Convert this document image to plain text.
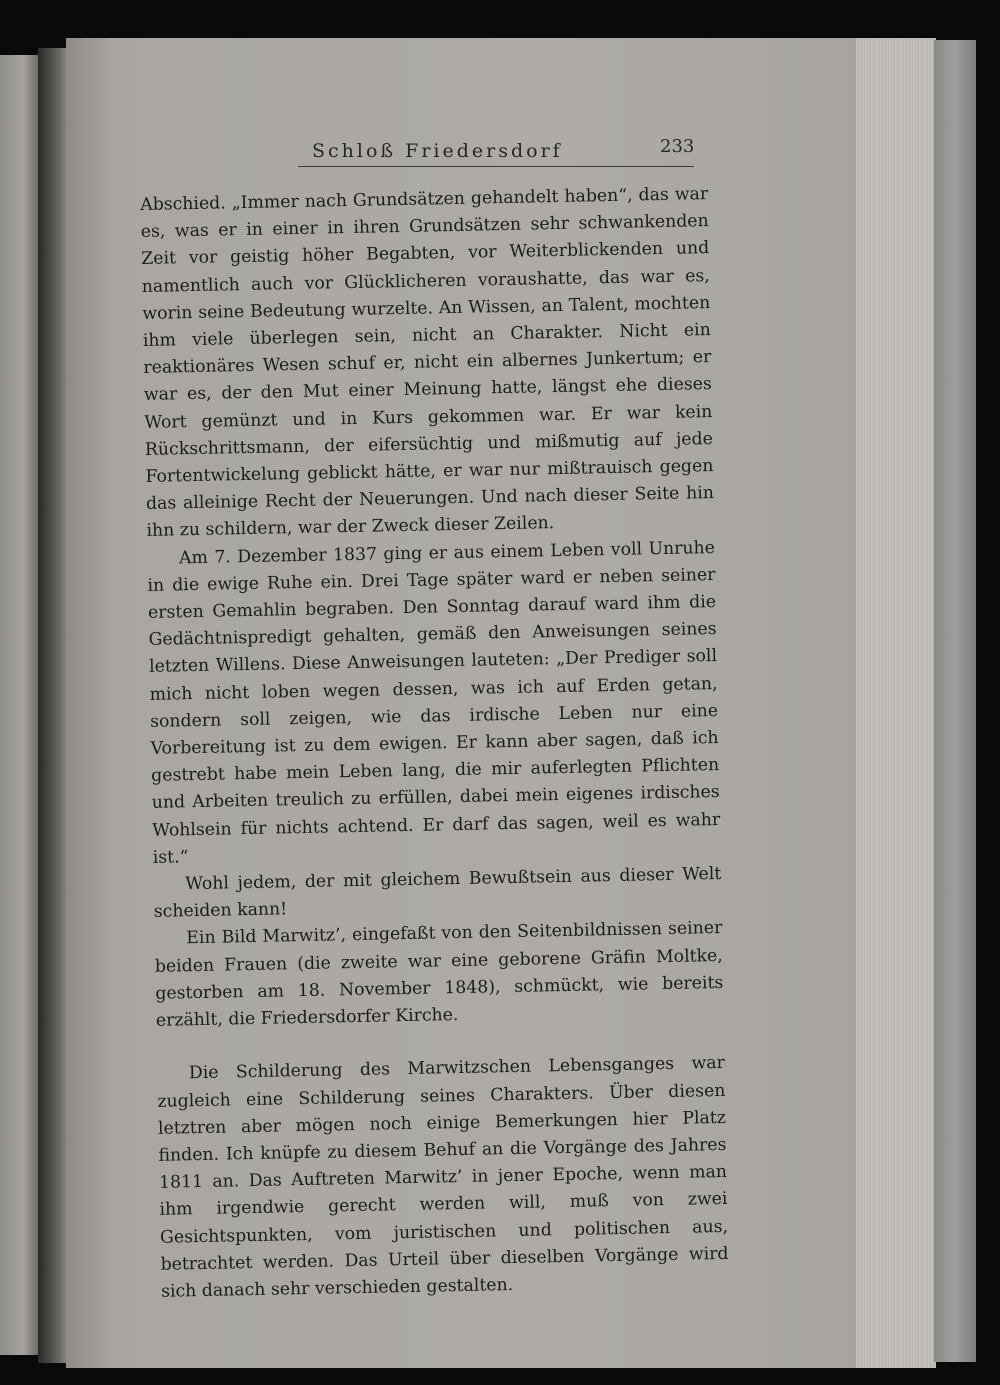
Schloß Friedersdorf	233

Abschied. „Immer nach Grundsätzen gehandelt haben“, das war es, was er in einer in ihren Grundsätzen sehr schwankenden Zeit vor geistig höher Begabten, vor Weiterblickenden und namentlich auch vor Glücklicheren voraushatte, das war es, worin seine Bedeutung wurzelte. An Wissen, an Talent, mochten ihm viele überlegen sein, nicht an Charakter. Nicht ein reaktionäres Wesen schuf er, nicht ein albernes Junkertum; er war es, der den Mut einer Meinung hatte, längst ehe dieses Wort gemünzt und in Kurs gekommen war. Er war kein Rückschrittsmann, der eifersüchtig und mißmutig auf jede Fortentwickelung geblickt hätte, er war nur mißtrauisch gegen das alleinige Recht der Neuerungen. Und nach dieser Seite hin ihn zu schildern, war der Zweck dieser Zeilen.

Am 7. Dezember 1837 ging er aus einem Leben voll Unruhe in die ewige Ruhe ein. Drei Tage später ward er neben seiner ersten Gemahlin begraben. Den Sonntag darauf ward ihm die Gedächtnispredigt gehalten, gemäß den Anweisungen seines letzten Willens. Diese Anweisungen lauteten: „Der Prediger soll mich nicht loben wegen dessen, was ich auf Erden getan, sondern soll zeigen, wie das irdische Leben nur eine Vorbereitung ist zu dem ewigen. Er kann aber sagen, daß ich gestrebt habe mein Leben lang, die mir auferlegten Pflichten und Arbeiten treulich zu erfüllen, dabei mein eigenes irdisches Wohlsein für nichts achtend. Er darf das sagen, weil es wahr ist.“

Wohl jedem, der mit gleichem Bewußtsein aus dieser Welt scheiden kann!

Ein Bild Marwitz’, eingefaßt von den Seitenbildnissen seiner beiden Frauen (die zweite war eine geborene Gräfin Moltke, gestorben am 18. November 1848), schmückt, wie bereits erzählt, die Friedersdorfer Kirche.

Die Schilderung des Marwitzschen Lebensganges war zugleich eine Schilderung seines Charakters. Über diesen letztren aber mögen noch einige Bemerkungen hier Platz finden. Ich knüpfe zu diesem Behuf an die Vorgänge des Jahres 1811 an. Das Auftreten Marwitz’ in jener Epoche, wenn man ihm irgendwie gerecht werden will, muß von zwei Gesichtspunkten, vom juristischen und politischen aus, betrachtet werden. Das Urteil über dieselben Vorgänge wird sich danach sehr verschieden gestalten.
